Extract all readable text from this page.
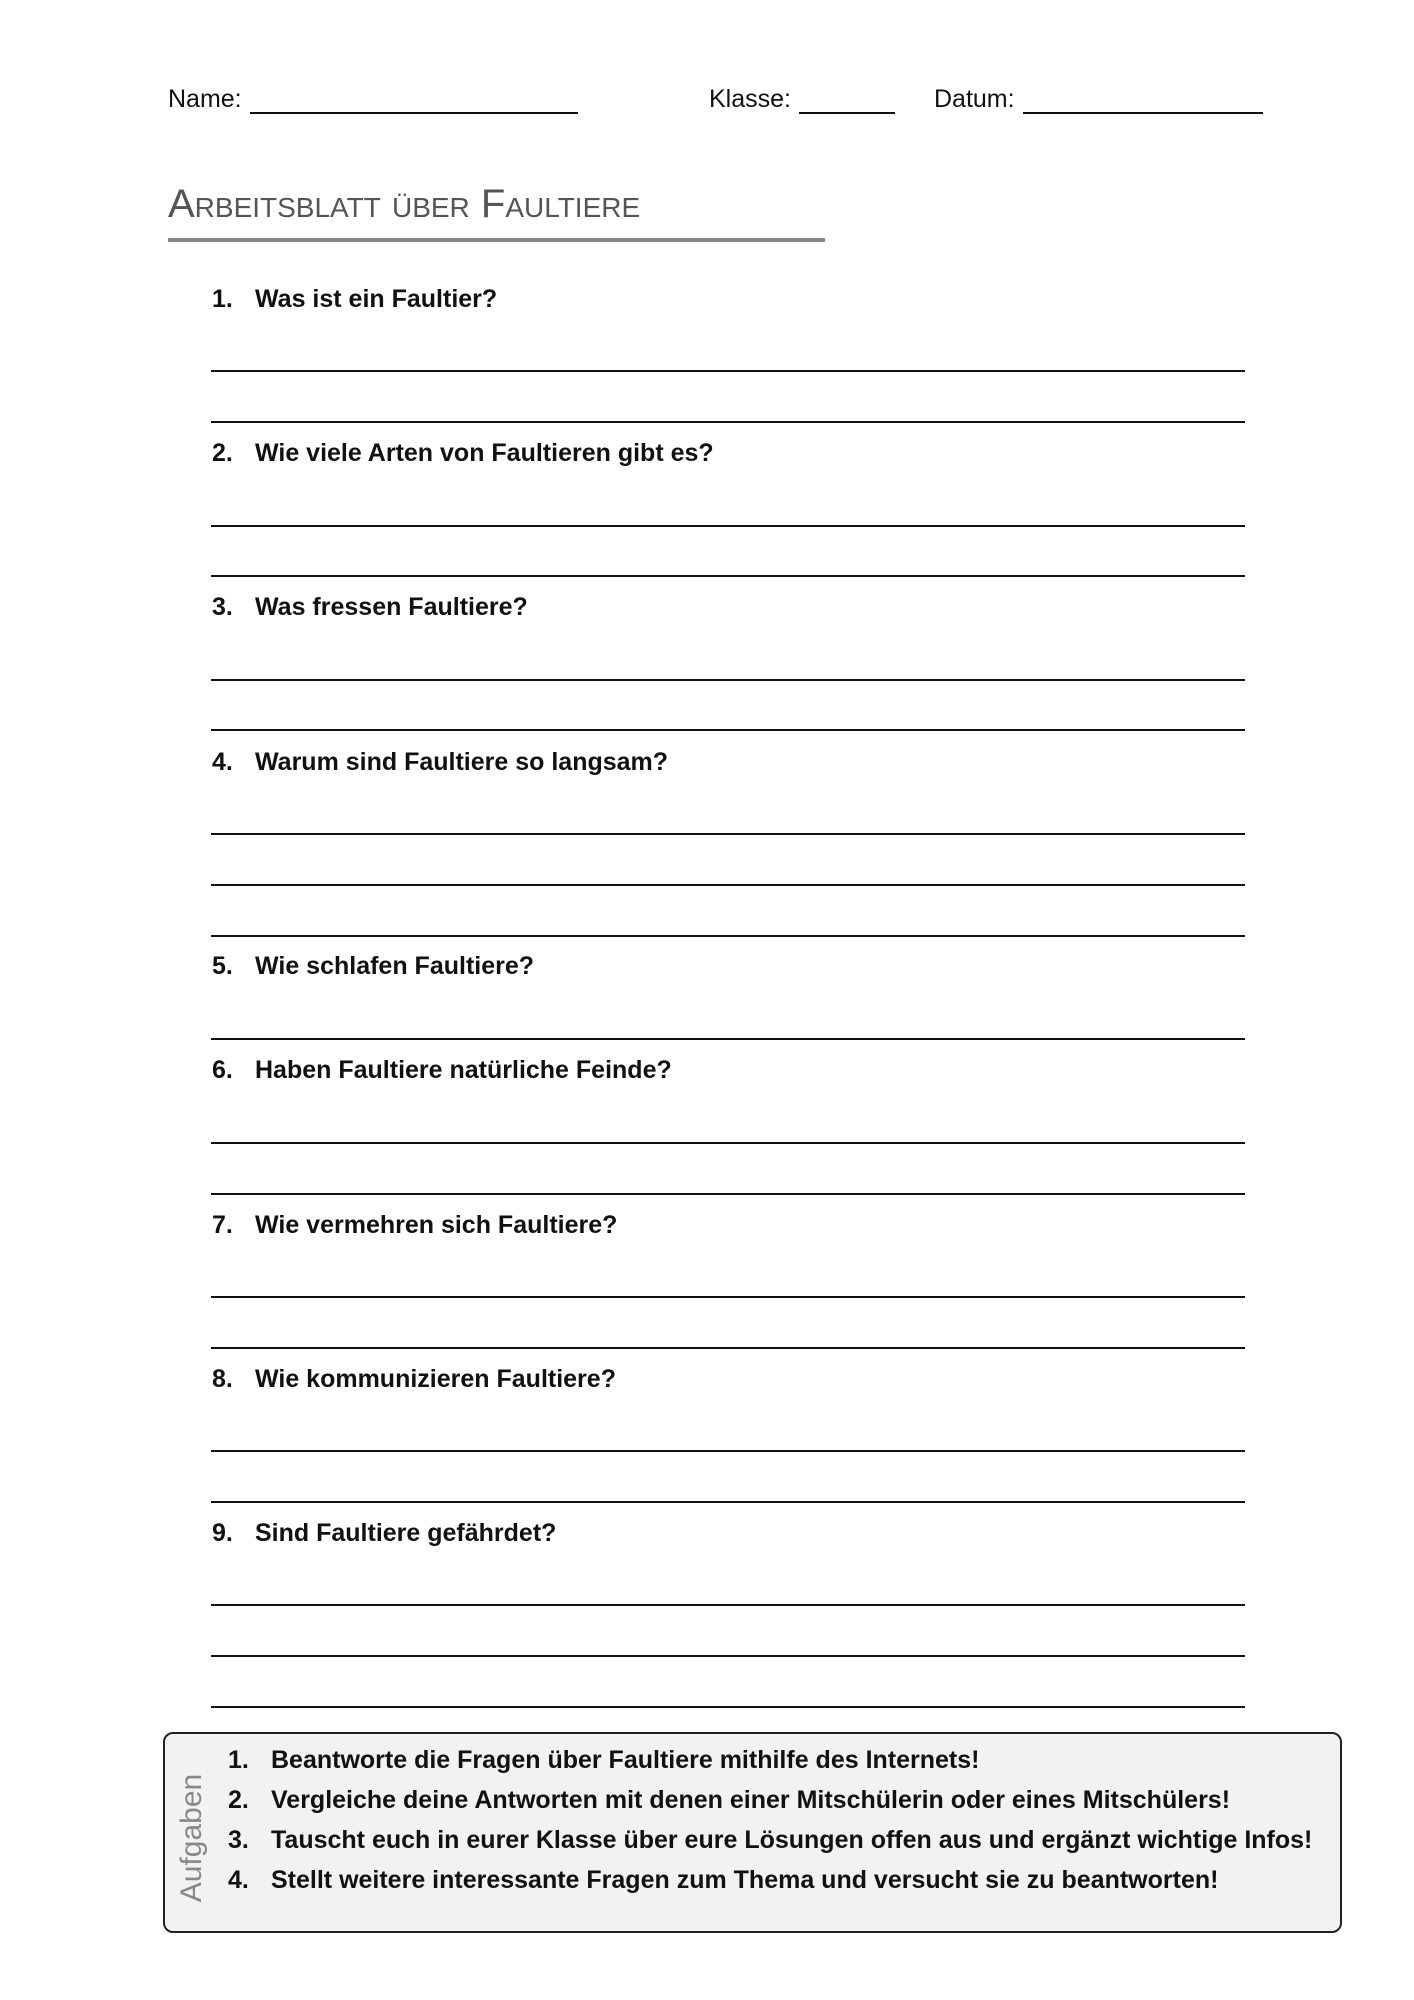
Name:	Klasse:	Datum:
Arbeitsblatt über Faultiere
1. Was ist ein Faultier?
2. Wie viele Arten von Faultieren gibt es?
3. Was fressen Faultiere?
4. Warum sind Faultiere so langsam?
5. Wie schlafen Faultiere?
6. Haben Faultiere natürliche Feinde?
7. Wie vermehren sich Faultiere?
8. Wie kommunizieren Faultiere?
9. Sind Faultiere gefährdet?
Aufgaben
1. Beantworte die Fragen über Faultiere mithilfe des Internets!
2. Vergleiche deine Antworten mit denen einer Mitschülerin oder eines Mitschülers!
3. Tauscht euch in eurer Klasse über eure Lösungen offen aus und ergänzt wichtige Infos!
4. Stellt weitere interessante Fragen zum Thema und versucht sie zu beantworten!
